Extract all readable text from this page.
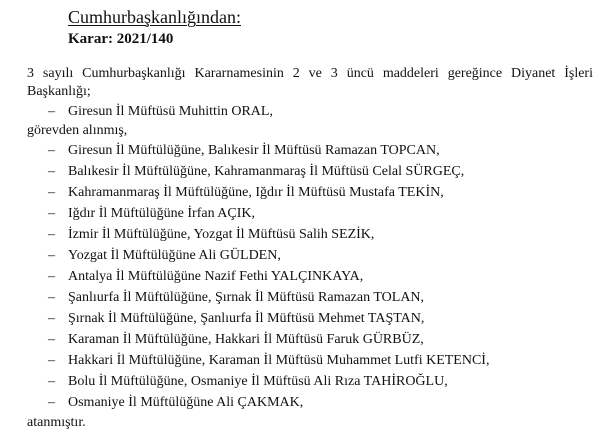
Cumhurbaşkanlığından:
Karar: 2021/140

3 sayılı Cumhurbaşkanlığı Kararnamesinin 2 ve 3 üncü maddeleri gereğince Diyanet İşleri Başkanlığı;

– Giresun İl Müftüsü Muhittin ORAL,
görevden alınmış,
– Giresun İl Müftülüğüne, Balıkesir İl Müftüsü Ramazan TOPCAN,
– Balıkesir İl Müftülüğüne, Kahramanmaraş İl Müftüsü Celal SÜRGEÇ,
– Kahramanmaraş İl Müftülüğüne, Iğdır İl Müftüsü Mustafa TEKİN,
– Iğdır İl Müftülüğüne İrfan AÇIK,
– İzmir İl Müftülüğüne, Yozgat İl Müftüsü Salih SEZİK,
– Yozgat İl Müftülüğüne Ali GÜLDEN,
– Antalya İl Müftülüğüne Nazif Fethi YALÇINKAYA,
– Şanlıurfa İl Müftülüğüne, Şırnak İl Müftüsü Ramazan TOLAN,
– Şırnak İl Müftülüğüne, Şanlıurfa İl Müftüsü Mehmet TAŞTAN,
– Karaman İl Müftülüğüne, Hakkari İl Müftüsü Faruk GÜRBÜZ,
– Hakkari İl Müftülüğüne, Karaman İl Müftüsü Muhammet Lutfi KETENCİ,
– Bolu İl Müftülüğüne, Osmaniye İl Müftüsü Ali Rıza TAHİROĞLU,
– Osmaniye İl Müftülüğüne Ali ÇAKMAK,
atanmıştır.
